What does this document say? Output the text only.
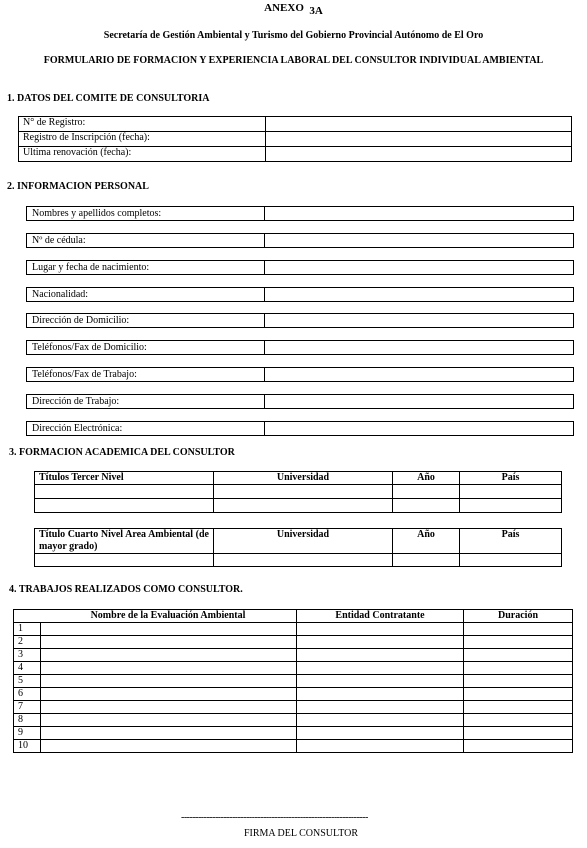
ANEXO 3A
Secretaría de Gestión Ambiental y Turismo del Gobierno Provincial Autónomo de El Oro
FORMULARIO DE FORMACION Y EXPERIENCIA LABORAL DEL CONSULTOR INDIVIDUAL AMBIENTAL
1. DATOS DEL COMITE DE CONSULTORIA
N° de Registro:	
Registro de Inscripción (fecha):	
Ultima renovación (fecha):	
2. INFORMACION PERSONAL
Nombres y apellidos completos:
Nº de cédula:
Lugar y fecha de nacimiento:
Nacionalidad:
Dirección de Domicilio:
Teléfonos/Fax de Domicilio:
Teléfonos/Fax de Trabajo:
Dirección de Trabajo:
Dirección Electrónica:
3. FORMACION ACADEMICA DEL CONSULTOR
Títulos Tercer Nivel	Universidad	Año	País

Título Cuarto Nivel Area Ambiental (de mayor grado)	Universidad	Año	País

4. TRABAJOS REALIZADOS COMO CONSULTOR.
	Nombre de la Evaluación Ambiental	Entidad Contratante	Duración
1			
2			
3			
4			
5			
6			
7			
8			
9			
10			
------------------------------------------------------------------
FIRMA DEL CONSULTOR
